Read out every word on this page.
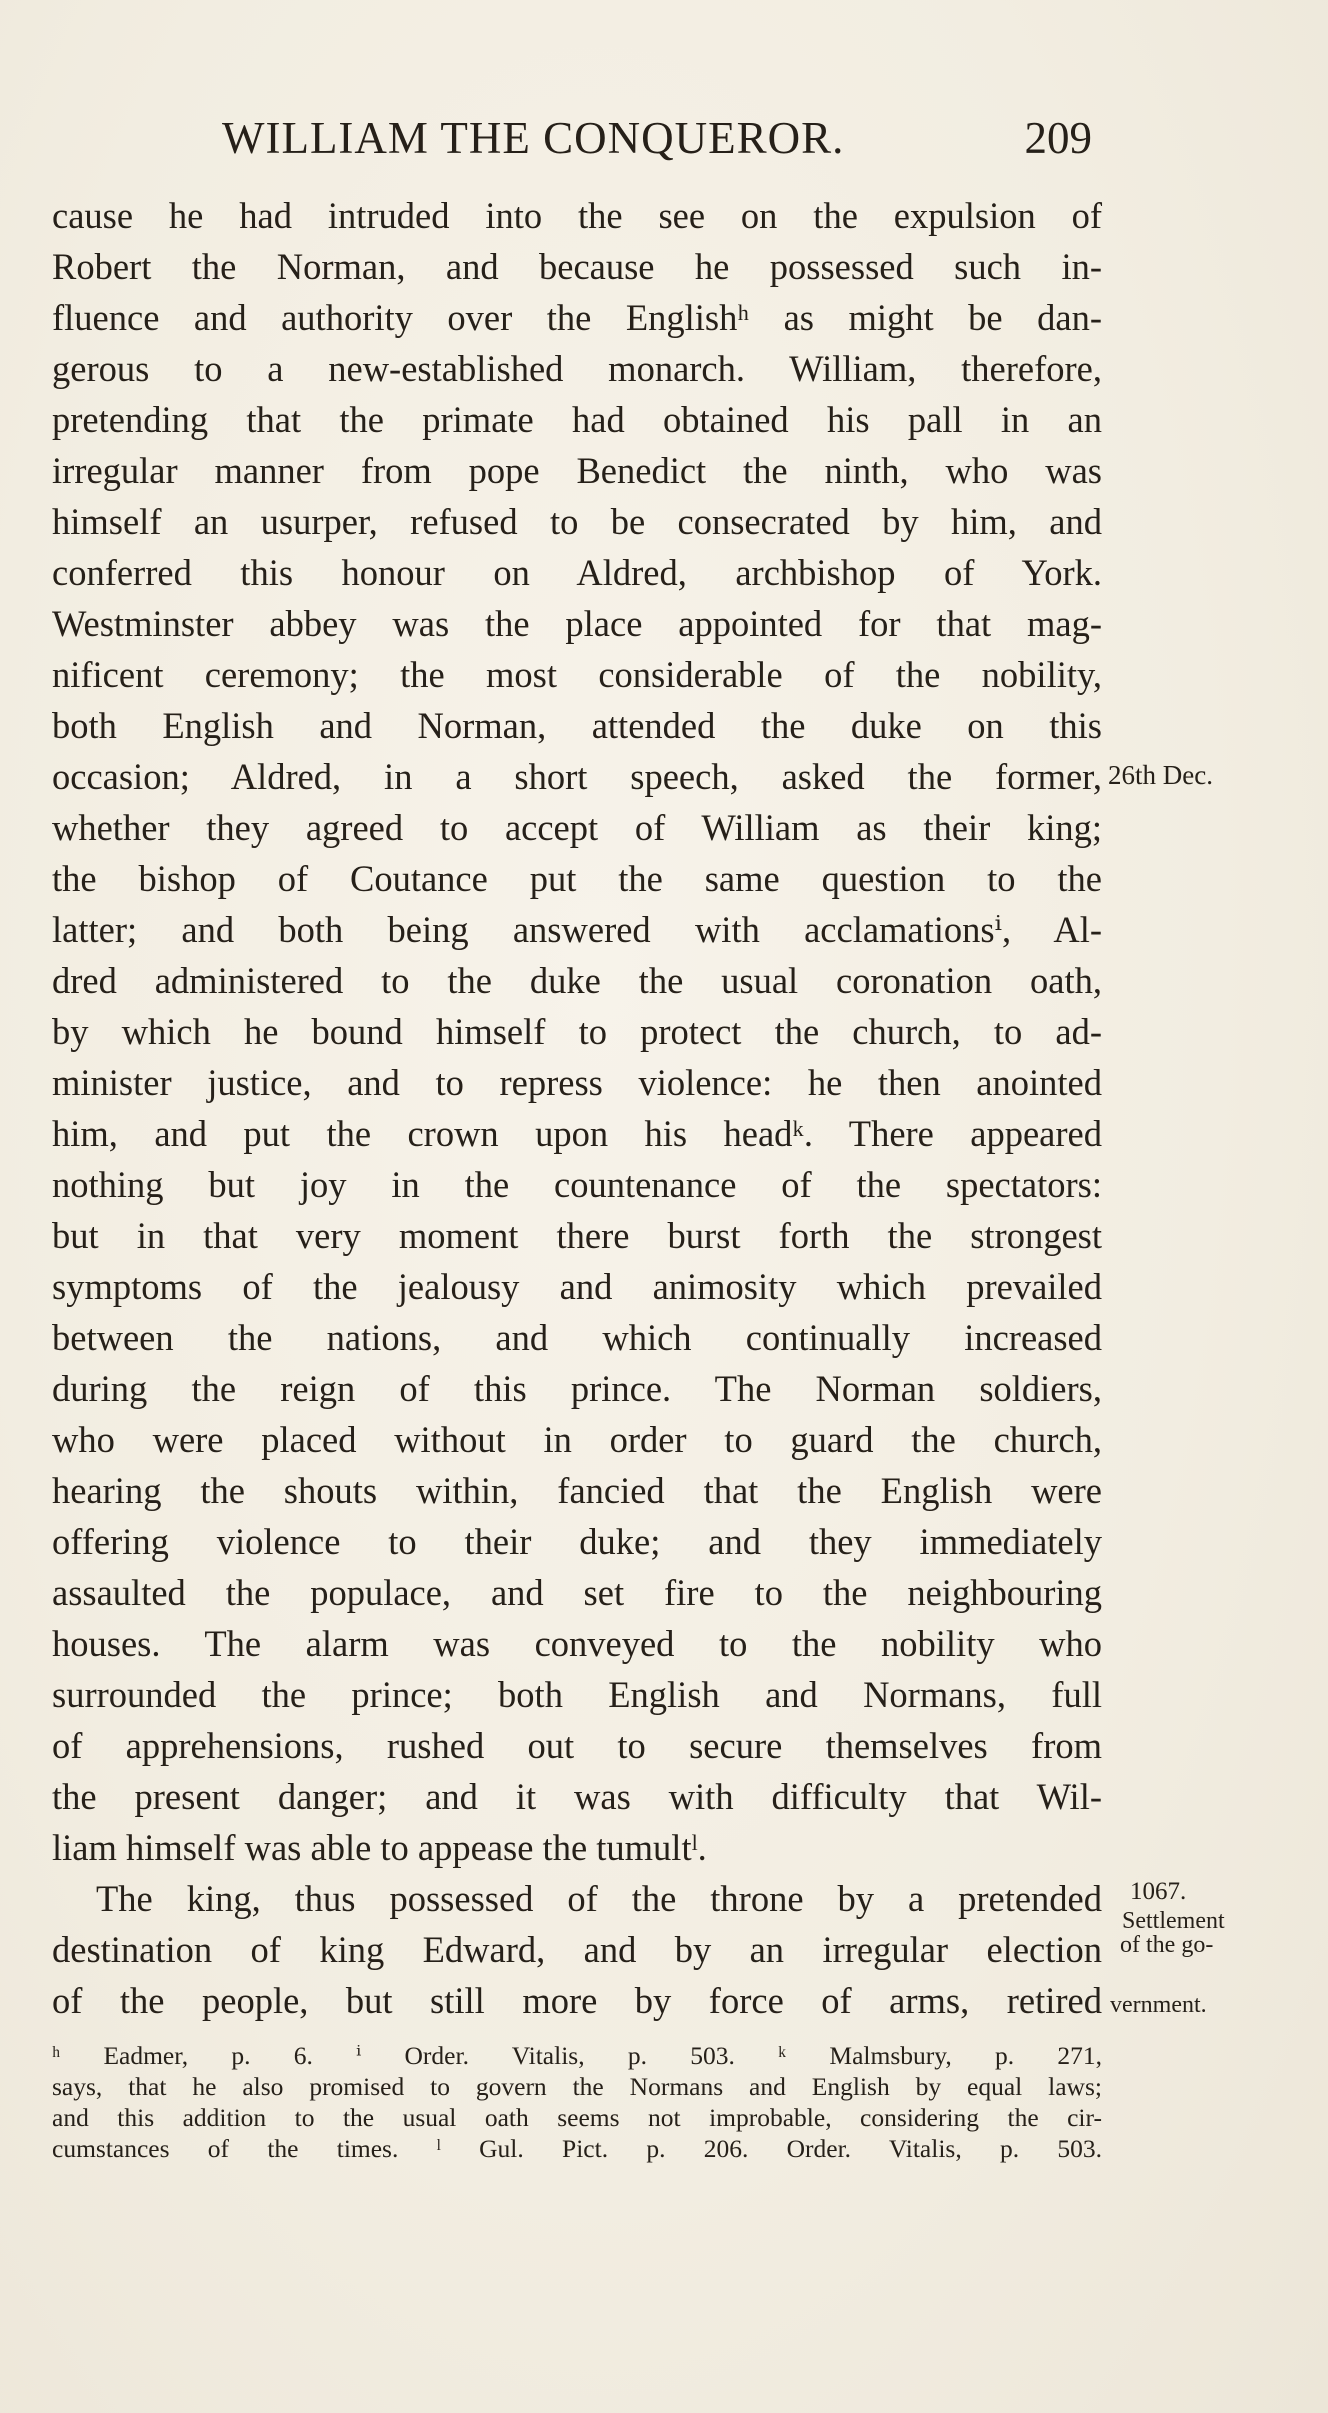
WILLIAM THE CONQUEROR.	209
cause he had intruded into the see on the expulsion of
Robert the Norman, and because he possessed such in-
fluence and authority over the Englishʰ as might be dan-
gerous to a new-established monarch. William, therefore,
pretending that the primate had obtained his pall in an
irregular manner from pope Benedict the ninth, who was
himself an usurper, refused to be consecrated by him, and
conferred this honour on Aldred, archbishop of York.
Westminster abbey was the place appointed for that mag-
nificent ceremony; the most considerable of the nobility,
both English and Norman, attended the duke on this
occasion; Aldred, in a short speech, asked the former,
whether they agreed to accept of William as their king;
the bishop of Coutance put the same question to the
latter; and both being answered with acclamationsⁱ, Al-
dred administered to the duke the usual coronation oath,
by which he bound himself to protect the church, to ad-
minister justice, and to repress violence: he then anointed
him, and put the crown upon his headᵏ. There appeared
nothing but joy in the countenance of the spectators:
but in that very moment there burst forth the strongest
symptoms of the jealousy and animosity which prevailed
between the nations, and which continually increased
during the reign of this prince. The Norman soldiers,
who were placed without in order to guard the church,
hearing the shouts within, fancied that the English were
offering violence to their duke; and they immediately
assaulted the populace, and set fire to the neighbouring
houses. The alarm was conveyed to the nobility who
surrounded the prince; both English and Normans, full
of apprehensions, rushed out to secure themselves from
the present danger; and it was with difficulty that Wil-
liam himself was able to appease the tumultˡ.
The king, thus possessed of the throne by a pretended
destination of king Edward, and by an irregular election
of the people, but still more by force of arms, retired
26th Dec.
1067.
Settlement
of the go-
vernment.
ʰ Eadmer, p. 6. ⁱ Order. Vitalis, p. 503. ᵏ Malmsbury, p. 271,
says, that he also promised to govern the Normans and English by equal laws;
and this addition to the usual oath seems not improbable, considering the cir-
cumstances of the times. ˡ Gul. Pict. p. 206. Order. Vitalis, p. 503.
